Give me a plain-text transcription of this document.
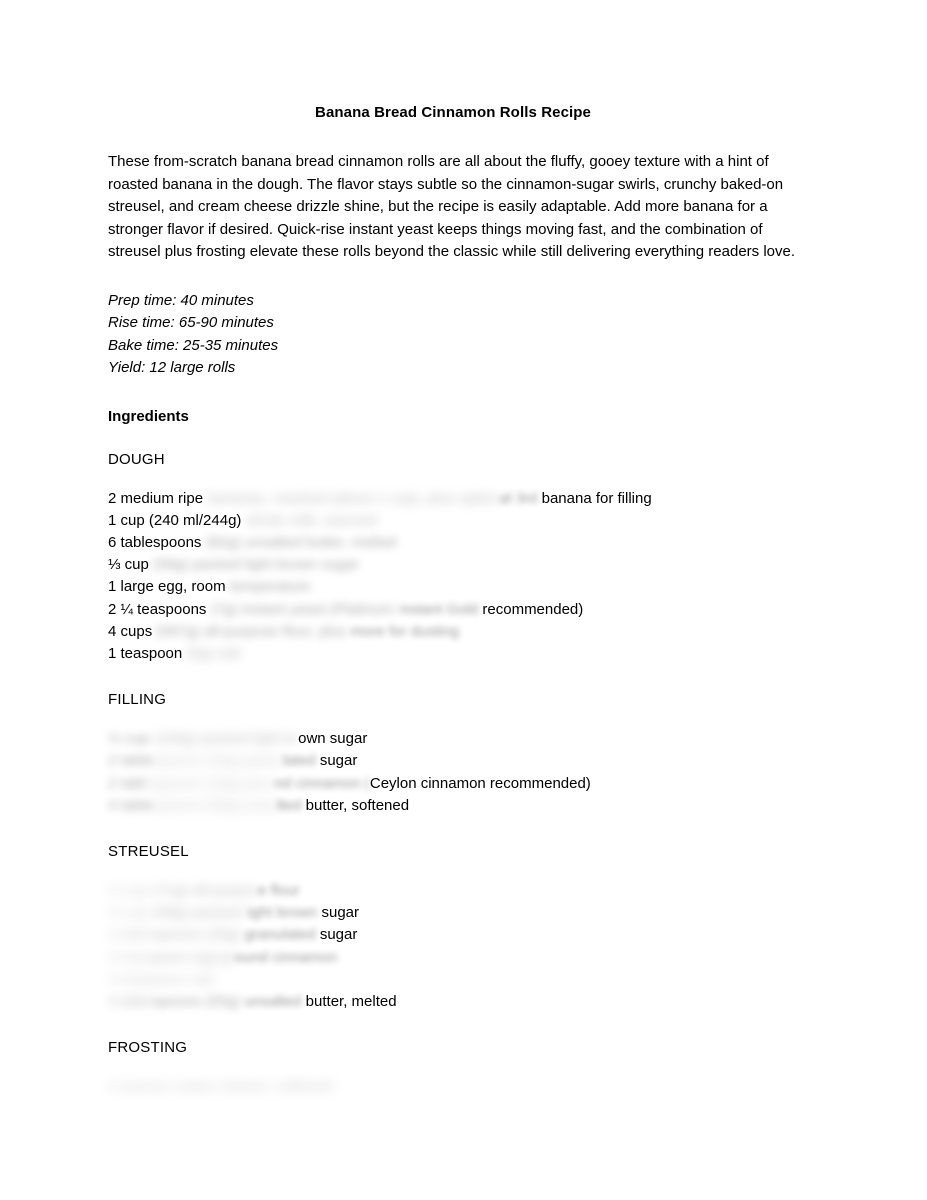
Banana Bread Cinnamon Rolls Recipe

These from-scratch banana bread cinnamon rolls are all about the fluffy, gooey texture with a hint of roasted banana in the dough. The flavor stays subtle so the cinnamon-sugar swirls, crunchy baked-on streusel, and cream cheese drizzle shine, but the recipe is easily adaptable. Add more banana for a stronger flavor if desired. Quick-rise instant yeast keeps things moving fast, and the combination of streusel plus frosting elevate these rolls beyond the classic while still delivering everything readers love.

Prep time: 40 minutes

Rise time: 65-90 minutes

Bake time: 25-35 minutes

Yield: 12 large rolls

Ingredients
DOUGH
2 medium ripe bananas, mashed (about 1 cup), plus optional 3rd banana for filling
1 cup (240 ml/244g) whole milk, warmed
6 tablespoons (82g) unsalted butter, melted
⅓ cup (58g) packed light brown sugar
1 large egg, room temperature
2 ¼ teaspoons (7g) instant yeast (Platinum Instant Gold recommended)
4 cups (567g) all-purpose flour, plus more for dusting
1 teaspoon (6g) salt
FILLING
½ cup (100g) packed light brown sugar
2 tablespoons (25g) granulated sugar
2 tablespoons (16g) ground cinnamon (Ceylon cinnamon recommended)
4 tablespoons (55g) unsalted butter, softened
STREUSEL
½ cup (71g) all-purpose flour
⅓ cup (58g) packed light brown sugar
2 tablespoons (25g) granulated sugar
½ teaspoon (1g) ground cinnamon
⅛ teaspoon salt
4 tablespoons (55g) unsalted butter, melted
FROSTING
4 ounces cream cheese, softened
